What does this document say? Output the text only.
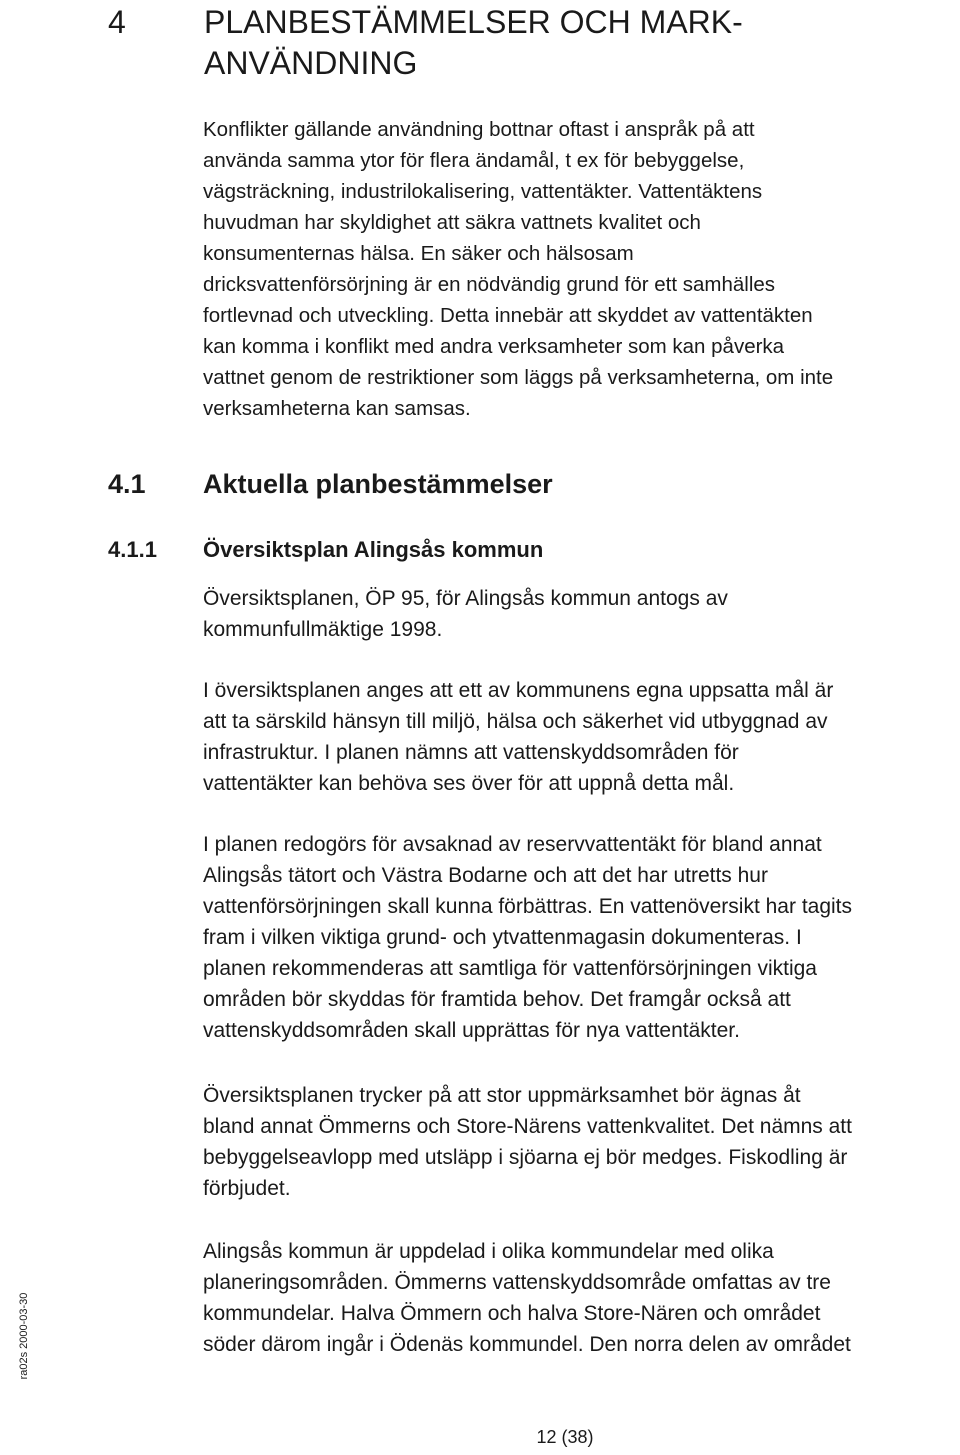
4	PLANBESTÄMMELSER OCH MARK-
ANVÄNDNING

Konflikter gällande användning bottnar oftast i anspråk på att
använda samma ytor för flera ändamål, t ex för bebyggelse,
vägsträckning, industrilokalisering, vattentäkter. Vattentäktens
huvudman har skyldighet att säkra vattnets kvalitet och
konsumenternas hälsa. En säker och hälsosam
dricksvattenförsörjning är en nödvändig grund för ett samhälles
fortlevnad och utveckling. Detta innebär att skyddet av vattentäkten
kan komma i konflikt med andra verksamheter som kan påverka
vattnet genom de restriktioner som läggs på verksamheterna, om inte
verksamheterna kan samsas.

4.1	Aktuella planbestämmelser
4.1.1	Översiktsplan Alingsås kommun

Översiktsplanen, ÖP 95, för Alingsås kommun antogs av
kommunfullmäktige 1998.

I översiktsplanen anges att ett av kommunens egna uppsatta mål är
att ta särskild hänsyn till miljö, hälsa och säkerhet vid utbyggnad av
infrastruktur. I planen nämns att vattenskyddsområden för
vattentäkter kan behöva ses över för att uppnå detta mål.

I planen redogörs för avsaknad av reservvattentäkt för bland annat
Alingsås tätort och Västra Bodarne och att det har utretts hur
vattenförsörjningen skall kunna förbättras. En vattenöversikt har tagits
fram i vilken viktiga grund- och ytvattenmagasin dokumenteras. I
planen rekommenderas att samtliga för vattenförsörjningen viktiga
områden bör skyddas för framtida behov. Det framgår också att
vattenskyddsområden skall upprättas för nya vattentäkter.

Översiktsplanen trycker på att stor uppmärksamhet bör ägnas åt
bland annat Ömmerns och Store-Närens vattenkvalitet. Det nämns att
bebyggelseavlopp med utsläpp i sjöarna ej bör medges. Fiskodling är
förbjudet.

Alingsås kommun är uppdelad i olika kommundelar med olika
planeringsområden. Ömmerns vattenskyddsområde omfattas av tre
kommundelar. Halva Ömmern och halva Store-Nären och området
söder därom ingår i Ödenäs kommundel. Den norra delen av området

ra02s 2000-03-30
12 (38)
